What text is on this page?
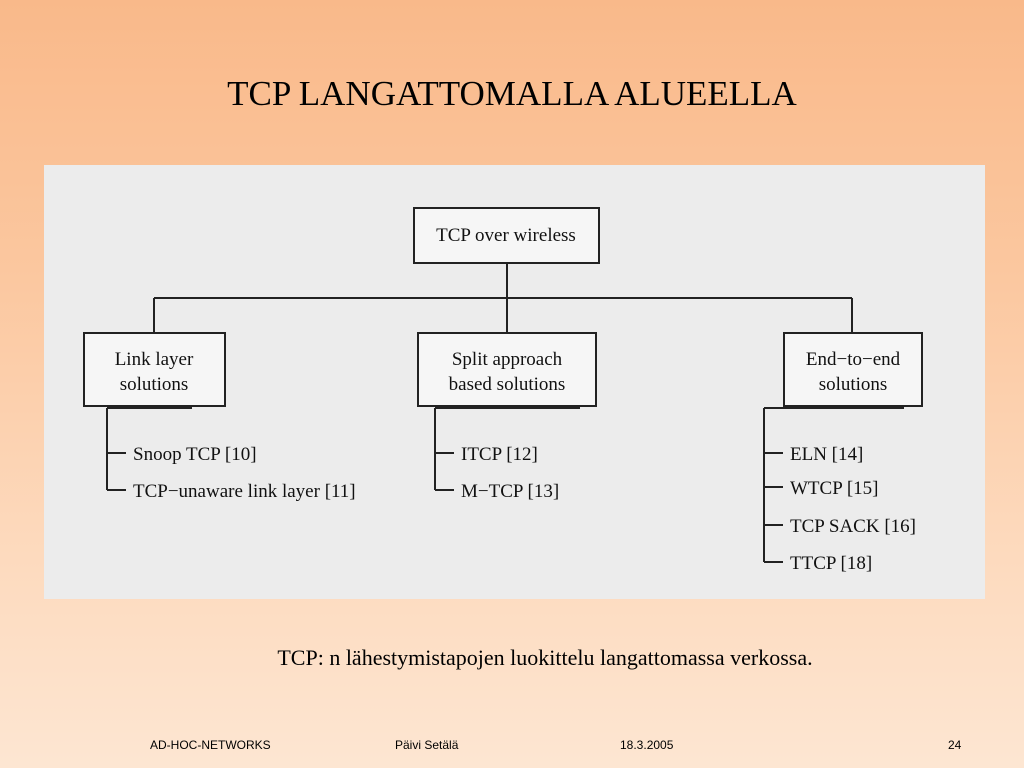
TCP LANGATTOMALLA ALUEELLA
TCP over wireless
Link layer
solutions
Split approach
based solutions
End−to−end
solutions
Snoop TCP [10]
TCP−unaware link layer [11]
ITCP [12]
M−TCP [13]
ELN [14]
WTCP [15]
TCP SACK [16]
TTCP [18]
TCP: n lähestymistapojen luokittelu langattomassa verkossa.
AD-HOC-NETWORKS	Päivi Setälä	18.3.2005	24
